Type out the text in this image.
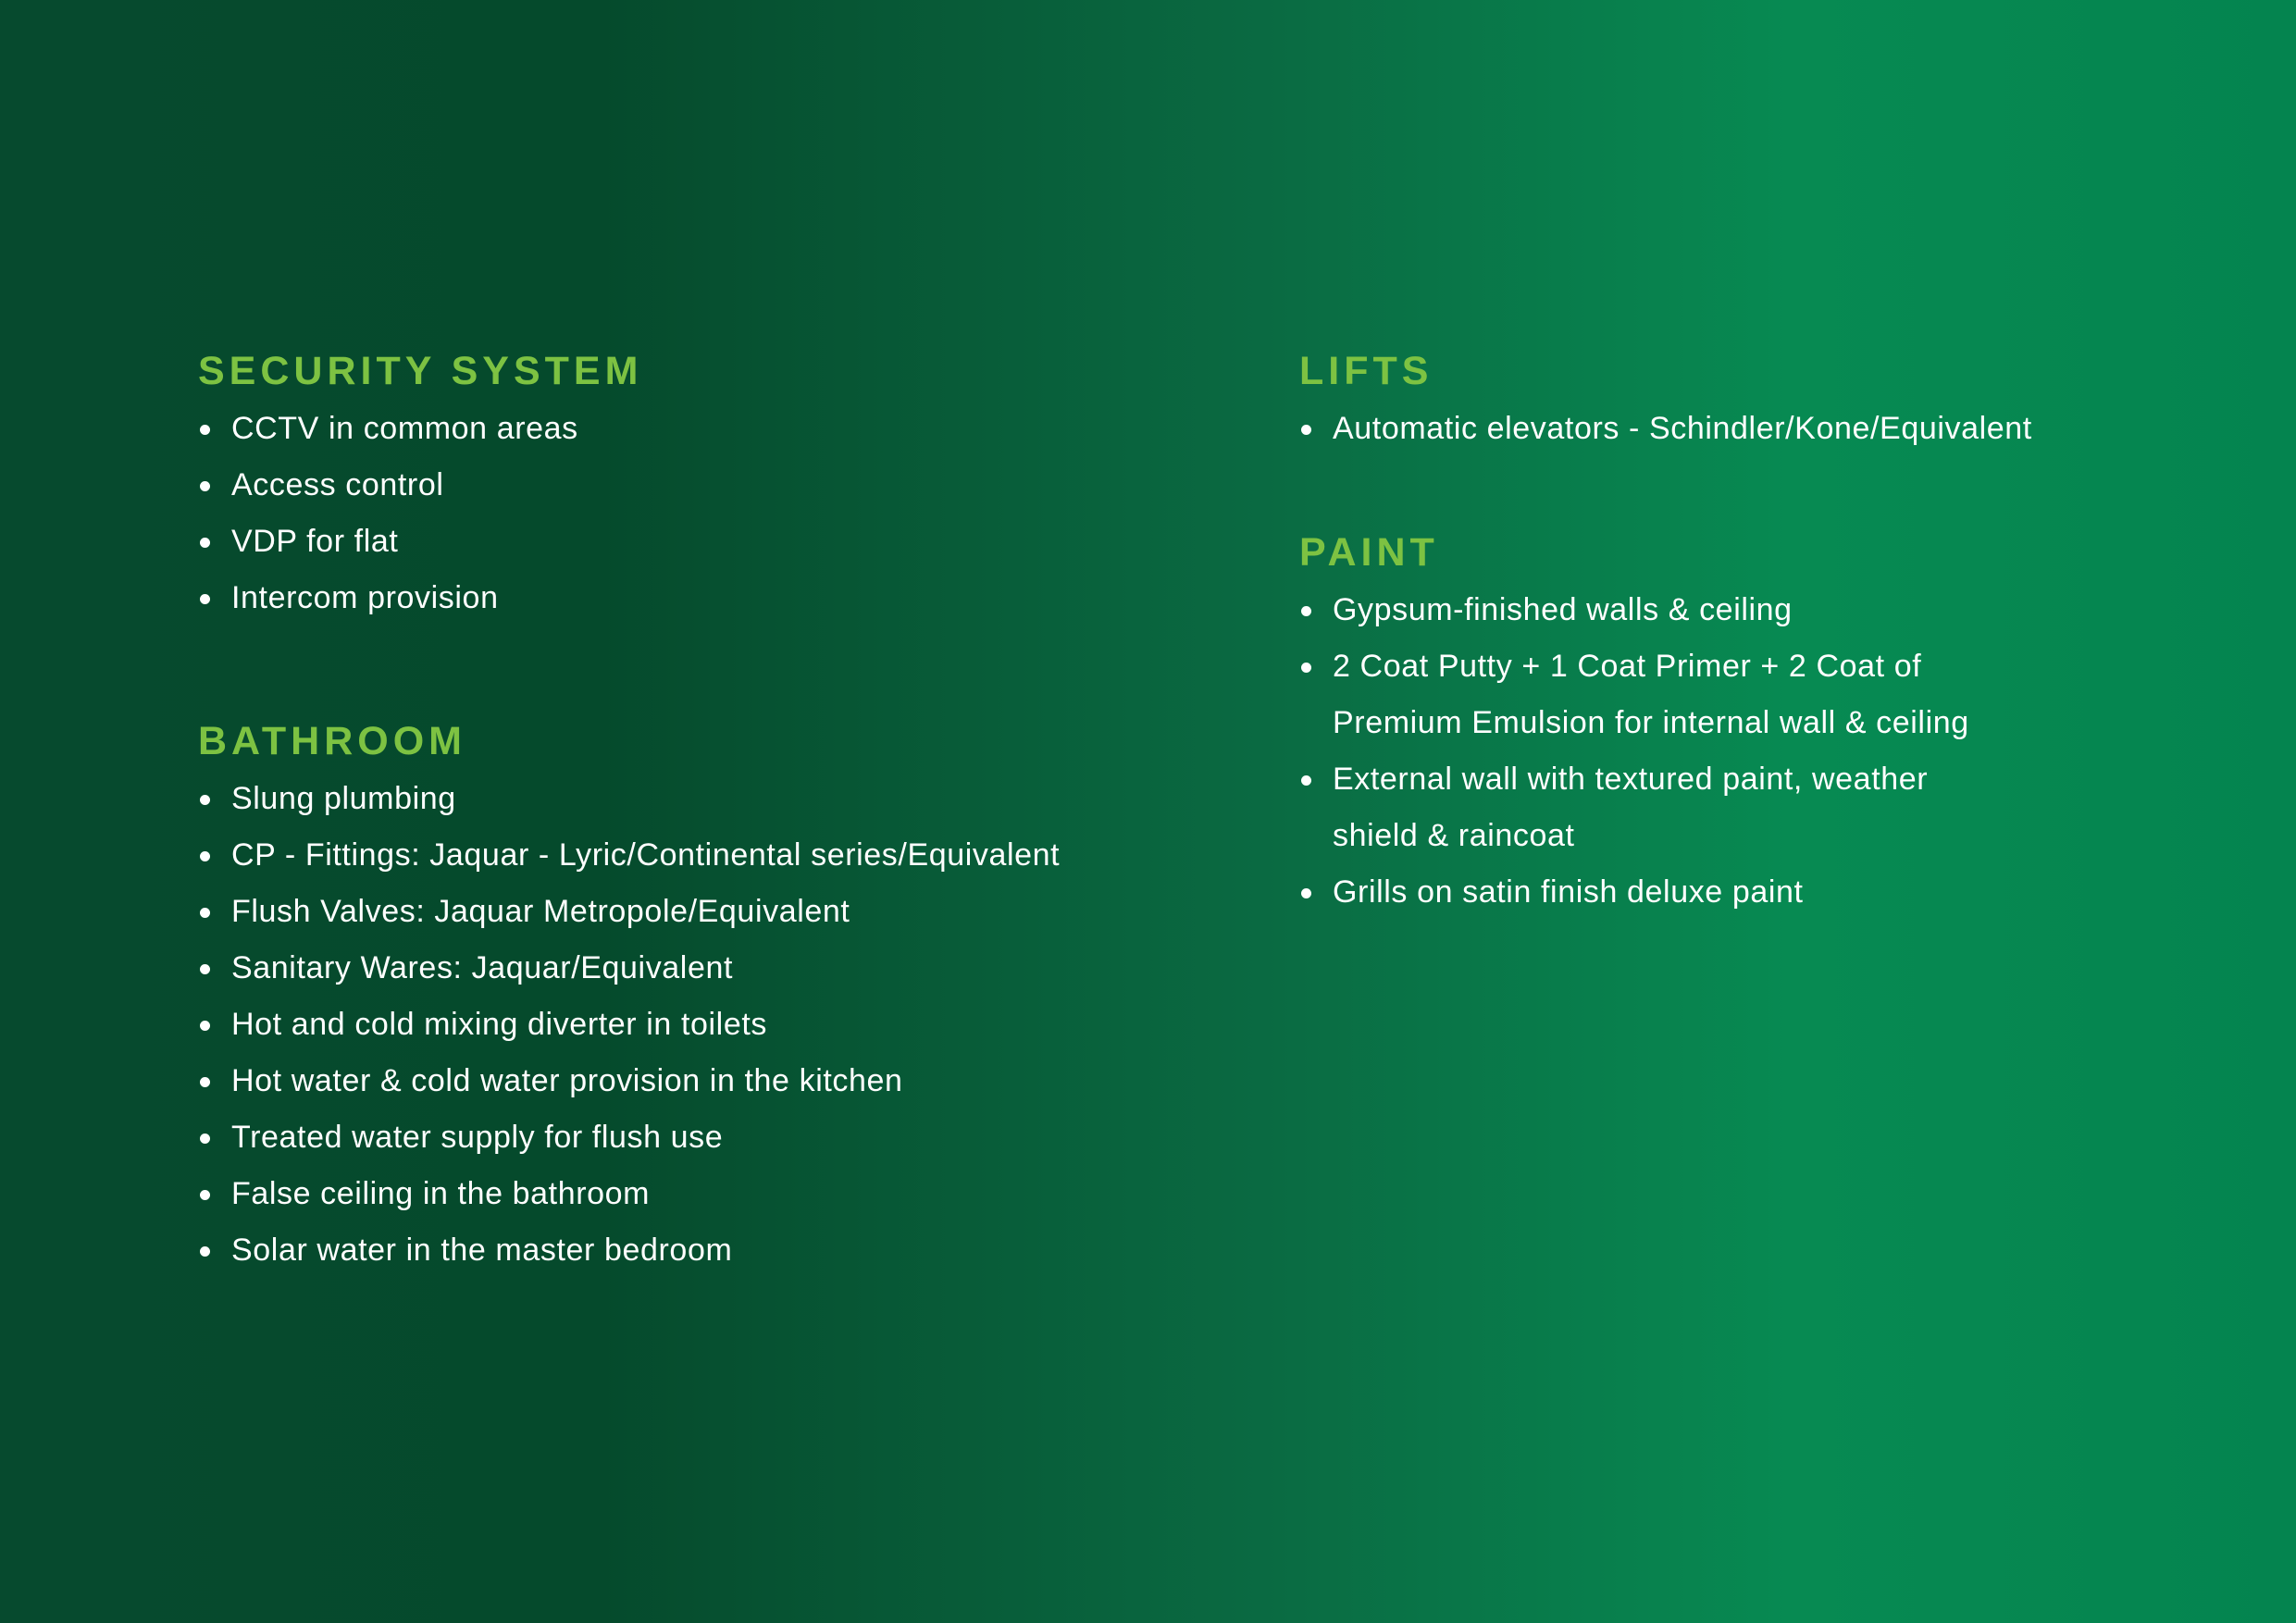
SECURITY SYSTEM
CCTV in common areas
Access control
VDP for flat
Intercom provision
BATHROOM
Slung plumbing
CP - Fittings: Jaquar - Lyric/Continental series/Equivalent
Flush Valves: Jaquar Metropole/Equivalent
Sanitary Wares: Jaquar/Equivalent
Hot and cold mixing diverter in toilets
Hot water & cold water provision in the kitchen
Treated water supply for flush use
False ceiling in the bathroom
Solar water in the master bedroom
LIFTS
Automatic elevators - Schindler/Kone/Equivalent
PAINT
Gypsum-finished walls & ceiling
2 Coat Putty + 1 Coat Primer + 2 Coat of
Premium Emulsion for internal wall & ceiling
External wall with textured paint, weather
shield & raincoat
Grills on satin finish deluxe paint
